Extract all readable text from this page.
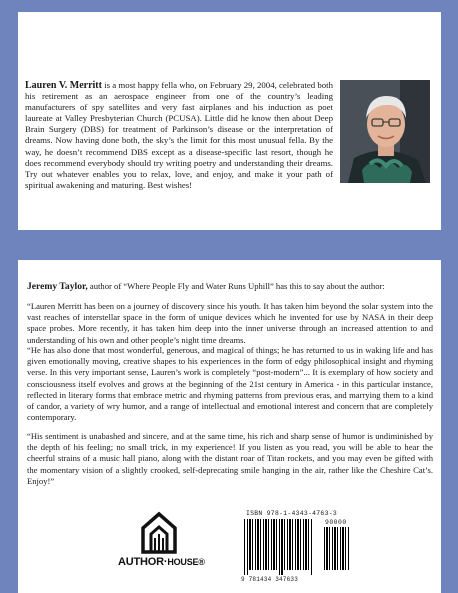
Lauren V. Merritt is a most happy fella who, on February 29, 2004, celebrated both his retirement as an aerospace engineer from one of the country’s leading manufacturers of spy satellites and very fast airplanes and his induction as poet laureate at Valley Presbyterian Church (PCUSA). Little did he know then about Deep Brain Surgery (DBS) for treatment of Parkinson’s disease or the interpretation of dreams. Now having done both, the sky’s the limit for this most unusual fella. By the way, he doesn’t recommend DBS except as a disease-specific last resort, though he does recommend everybody should try writing poetry and understanding their dreams. Try out whatever enables you to relax, love, and enjoy, and make it your path of spiritual awakening and maturing. Best wishes!

Jeremy Taylor, author of “Where People Fly and Water Runs Uphill” has this to say about the author:

“Lauren Merritt has been on a journey of discovery since his youth. It has taken him beyond the solar system into the vast reaches of interstellar space in the form of unique devices which he invented for use by NASA in their deep space probes. More recently, it has taken him deep into the inner universe through an increased attention to and understanding of his own and other people’s night time dreams.

“He has also done that most wonderful, generous, and magical of things; he has returned to us in waking life and has given emotionally moving, creative shapes to his experiences in the form of edgy philosophical insight and rhyming verse. In this very important sense, Lauren’s work is completely “post-modern”... It is exemplary of how society and consciousness itself evolves and grows at the beginning of the 21st century in America - in this particular instance, reflected in literary forms that embrace metric and rhyming patterns from previous eras, and marrying them to a kind of candor, a variety of wry humor, and a range of intellectual and emotional interest and concern that are completely contemporary.

“His sentiment is unabashed and sincere, and at the same time, his rich and sharp sense of humor is undiminished by the depth of his feeling; no small trick, in my experience! If you listen as you read, you will be able to hear the cheerful strains of a music hall piano, along with the distant roar of Titan rockets, and you may even be gifted with the momentary vision of a slightly crooked, self-deprecating smile hanging in the air, rather like the Cheshire Cat’s. Enjoy!”

AUTHOR·HOUSE®
ISBN 978-1-4343-4763-3
90000
9 781434 347633
